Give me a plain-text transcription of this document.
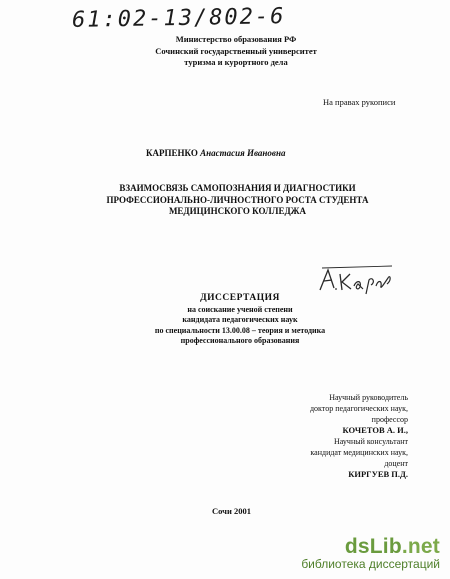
61:02-13/802-6
Министерство образования РФ
Сочинский государственный университет
туризма и курортного дела
На правах рукописи
КАРПЕНКО Анастасия Ивановна
ВЗАИМОСВЯЗЬ САМОПОЗНАНИЯ И ДИАГНОСТИКИ
ПРОФЕССИОНАЛЬНО-ЛИЧНОСТНОГО РОСТА СТУДЕНТА
МЕДИЦИНСКОГО КОЛЛЕДЖА
ДИССЕРТАЦИЯ
на соискание ученой степени
кандидата педагогических наук
по специальности 13.00.08 – теория и методика
профессионального образования
Научный руководитель
доктор педагогических наук,
профессор
КОЧЕТОВ А. И.,
Научный консультант
кандидат медицинских наук,
доцент
КИРГУЕВ П.Д.
Сочи 2001
dsLib.net
библиотека диссертаций
